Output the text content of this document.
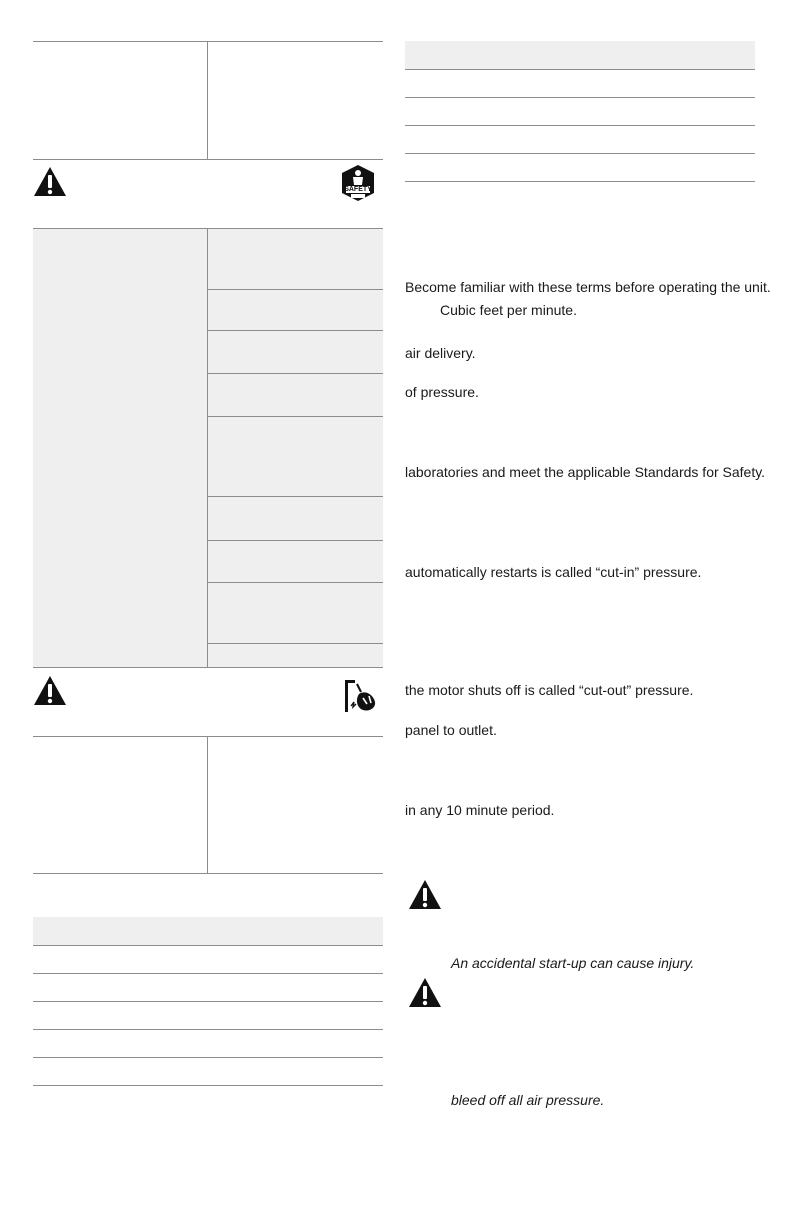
SAFETY
FIRST
Become familiar with these terms before operating the unit.
Cubic feet per minute.
air delivery.
of pressure.
laboratories and meet the applicable Standards for Safety.
automatically restarts is called “cut-in” pressure.
the motor shuts off is called “cut-out” pressure.
panel to outlet.
in any 10 minute period.
An accidental start-up can cause injury.
bleed off all air pressure.
